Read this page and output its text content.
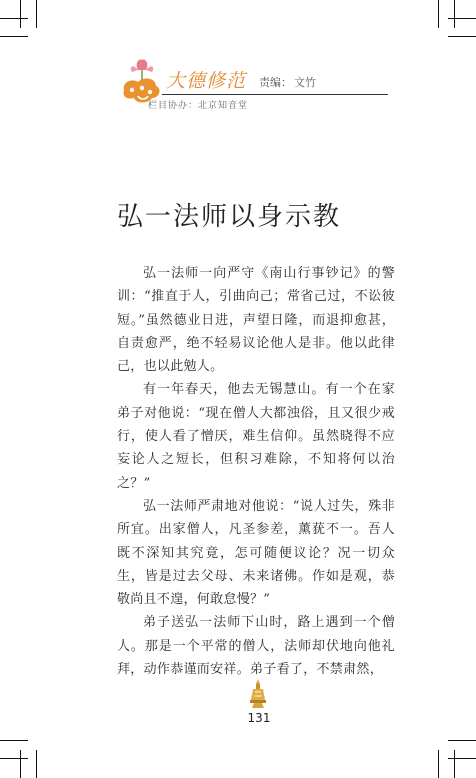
大德修范 责编： 文竹
栏目协办：北京知音堂
弘一法师以身示教

弘一法师一向严守《南山行事钞记》的警训：“推直于人，引曲向己；常省己过，不讼彼短。”虽然德业日进，声望日隆，而退抑愈甚，自责愈严，绝不轻易议论他人是非。他以此律己，也以此勉人。

有一年春天，他去无锡慧山。有一个在家弟子对他说：“现在僧人大都浊俗，且又很少戒行，使人看了憎厌，难生信仰。虽然晓得不应妄论人之短长，但积习难除，不知将何以治之？”

弘一法师严肃地对他说：“说人过失，殊非所宜。出家僧人，凡圣参差，薰莸不一。吾人既不深知其究竟，怎可随便议论？况一切众生，皆是过去父母、未来诸佛。作如是观，恭敬尚且不遑，何敢怠慢？”

弟子送弘一法师下山时，路上遇到一个僧人。那是一个平常的僧人，法师却伏地向他礼拜，动作恭谨而安祥。弟子看了，不禁肃然，

131
